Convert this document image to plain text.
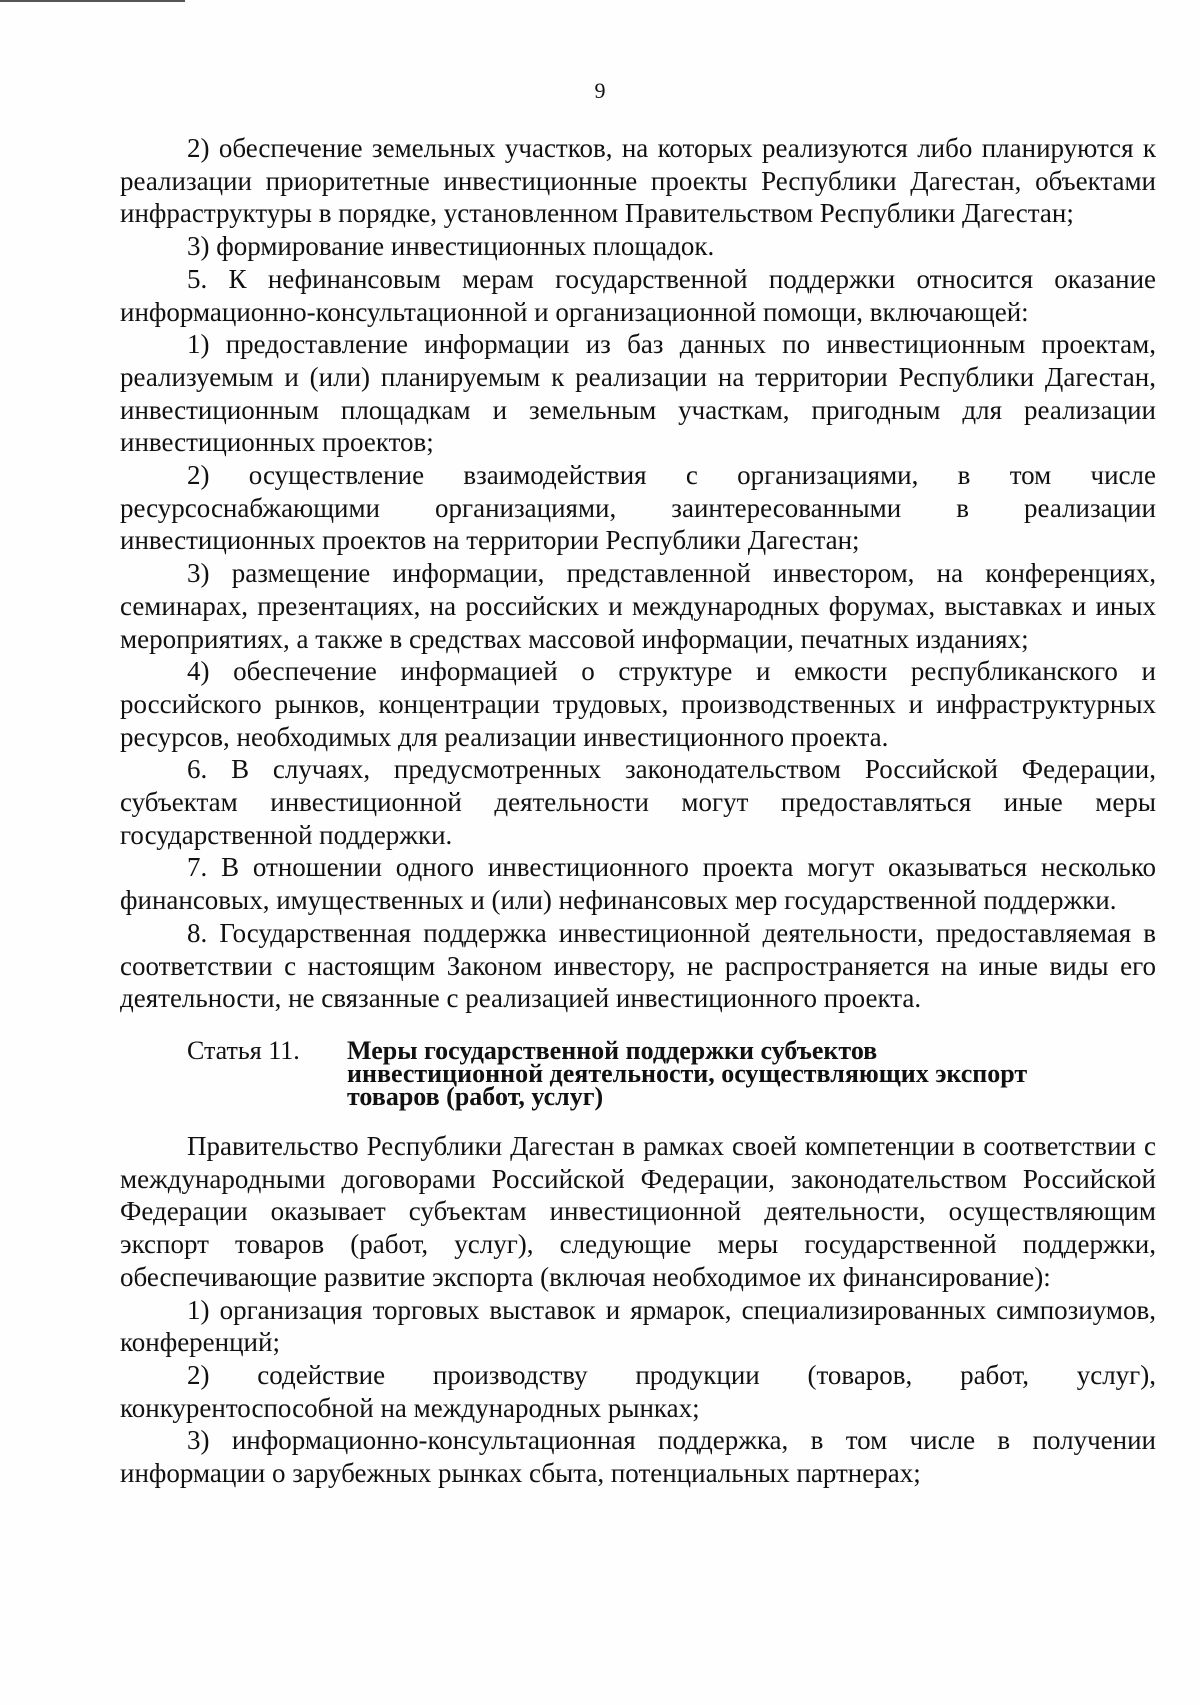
9

2) обеспечение земельных участков, на которых реализуются либо планируются к реализации приоритетные инвестиционные проекты Республики Дагестан, объектами инфраструктуры в порядке, установленном Правительством Республики Дагестан;

3) формирование инвестиционных площадок.

5. К нефинансовым мерам государственной поддержки относится оказание информационно-консультационной и организационной помощи, включающей:

1) предоставление информации из баз данных по инвестиционным проектам, реализуемым и (или) планируемым к реализации на территории Республики Дагестан, инвестиционным площадкам и земельным участкам, пригодным для реализации инвестиционных проектов;

2) осуществление взаимодействия с организациями, в том числе ресурсоснабжающими организациями, заинтересованными в реализации инвестиционных проектов на территории Республики Дагестан;

3) размещение информации, представленной инвестором, на конференциях, семинарах, презентациях, на российских и международных форумах, выставках и иных мероприятиях, а также в средствах массовой информации, печатных изданиях;

4) обеспечение информацией о структуре и емкости республиканского и российского рынков, концентрации трудовых, производственных и инфраструктурных ресурсов, необходимых для реализации инвестиционного проекта.

6. В случаях, предусмотренных законодательством Российской Федерации, субъектам инвестиционной деятельности могут предоставляться иные меры государственной поддержки.

7. В отношении одного инвестиционного проекта могут оказываться несколько финансовых, имущественных и (или) нефинансовых мер государственной поддержки.

8. Государственная поддержка инвестиционной деятельности, предоставляемая в соответствии с настоящим Законом инвестору, не распространяется на иные виды его деятельности, не связанные с реализацией инвестиционного проекта.

Статья 11.	Меры государственной поддержки субъектов инвестиционной деятельности, осуществляющих экспорт товаров (работ, услуг)

Правительство Республики Дагестан в рамках своей компетенции в соответствии с международными договорами Российской Федерации, законодательством Российской Федерации оказывает субъектам инвестиционной деятельности, осуществляющим экспорт товаров (работ, услуг), следующие меры государственной поддержки, обеспечивающие развитие экспорта (включая необходимое их финансирование):

1) организация торговых выставок и ярмарок, специализированных симпозиумов, конференций;

2) содействие производству продукции (товаров, работ, услуг), конкурентоспособной на международных рынках;

3) информационно-консультационная поддержка, в том числе в получении информации о зарубежных рынках сбыта, потенциальных партнерах;
